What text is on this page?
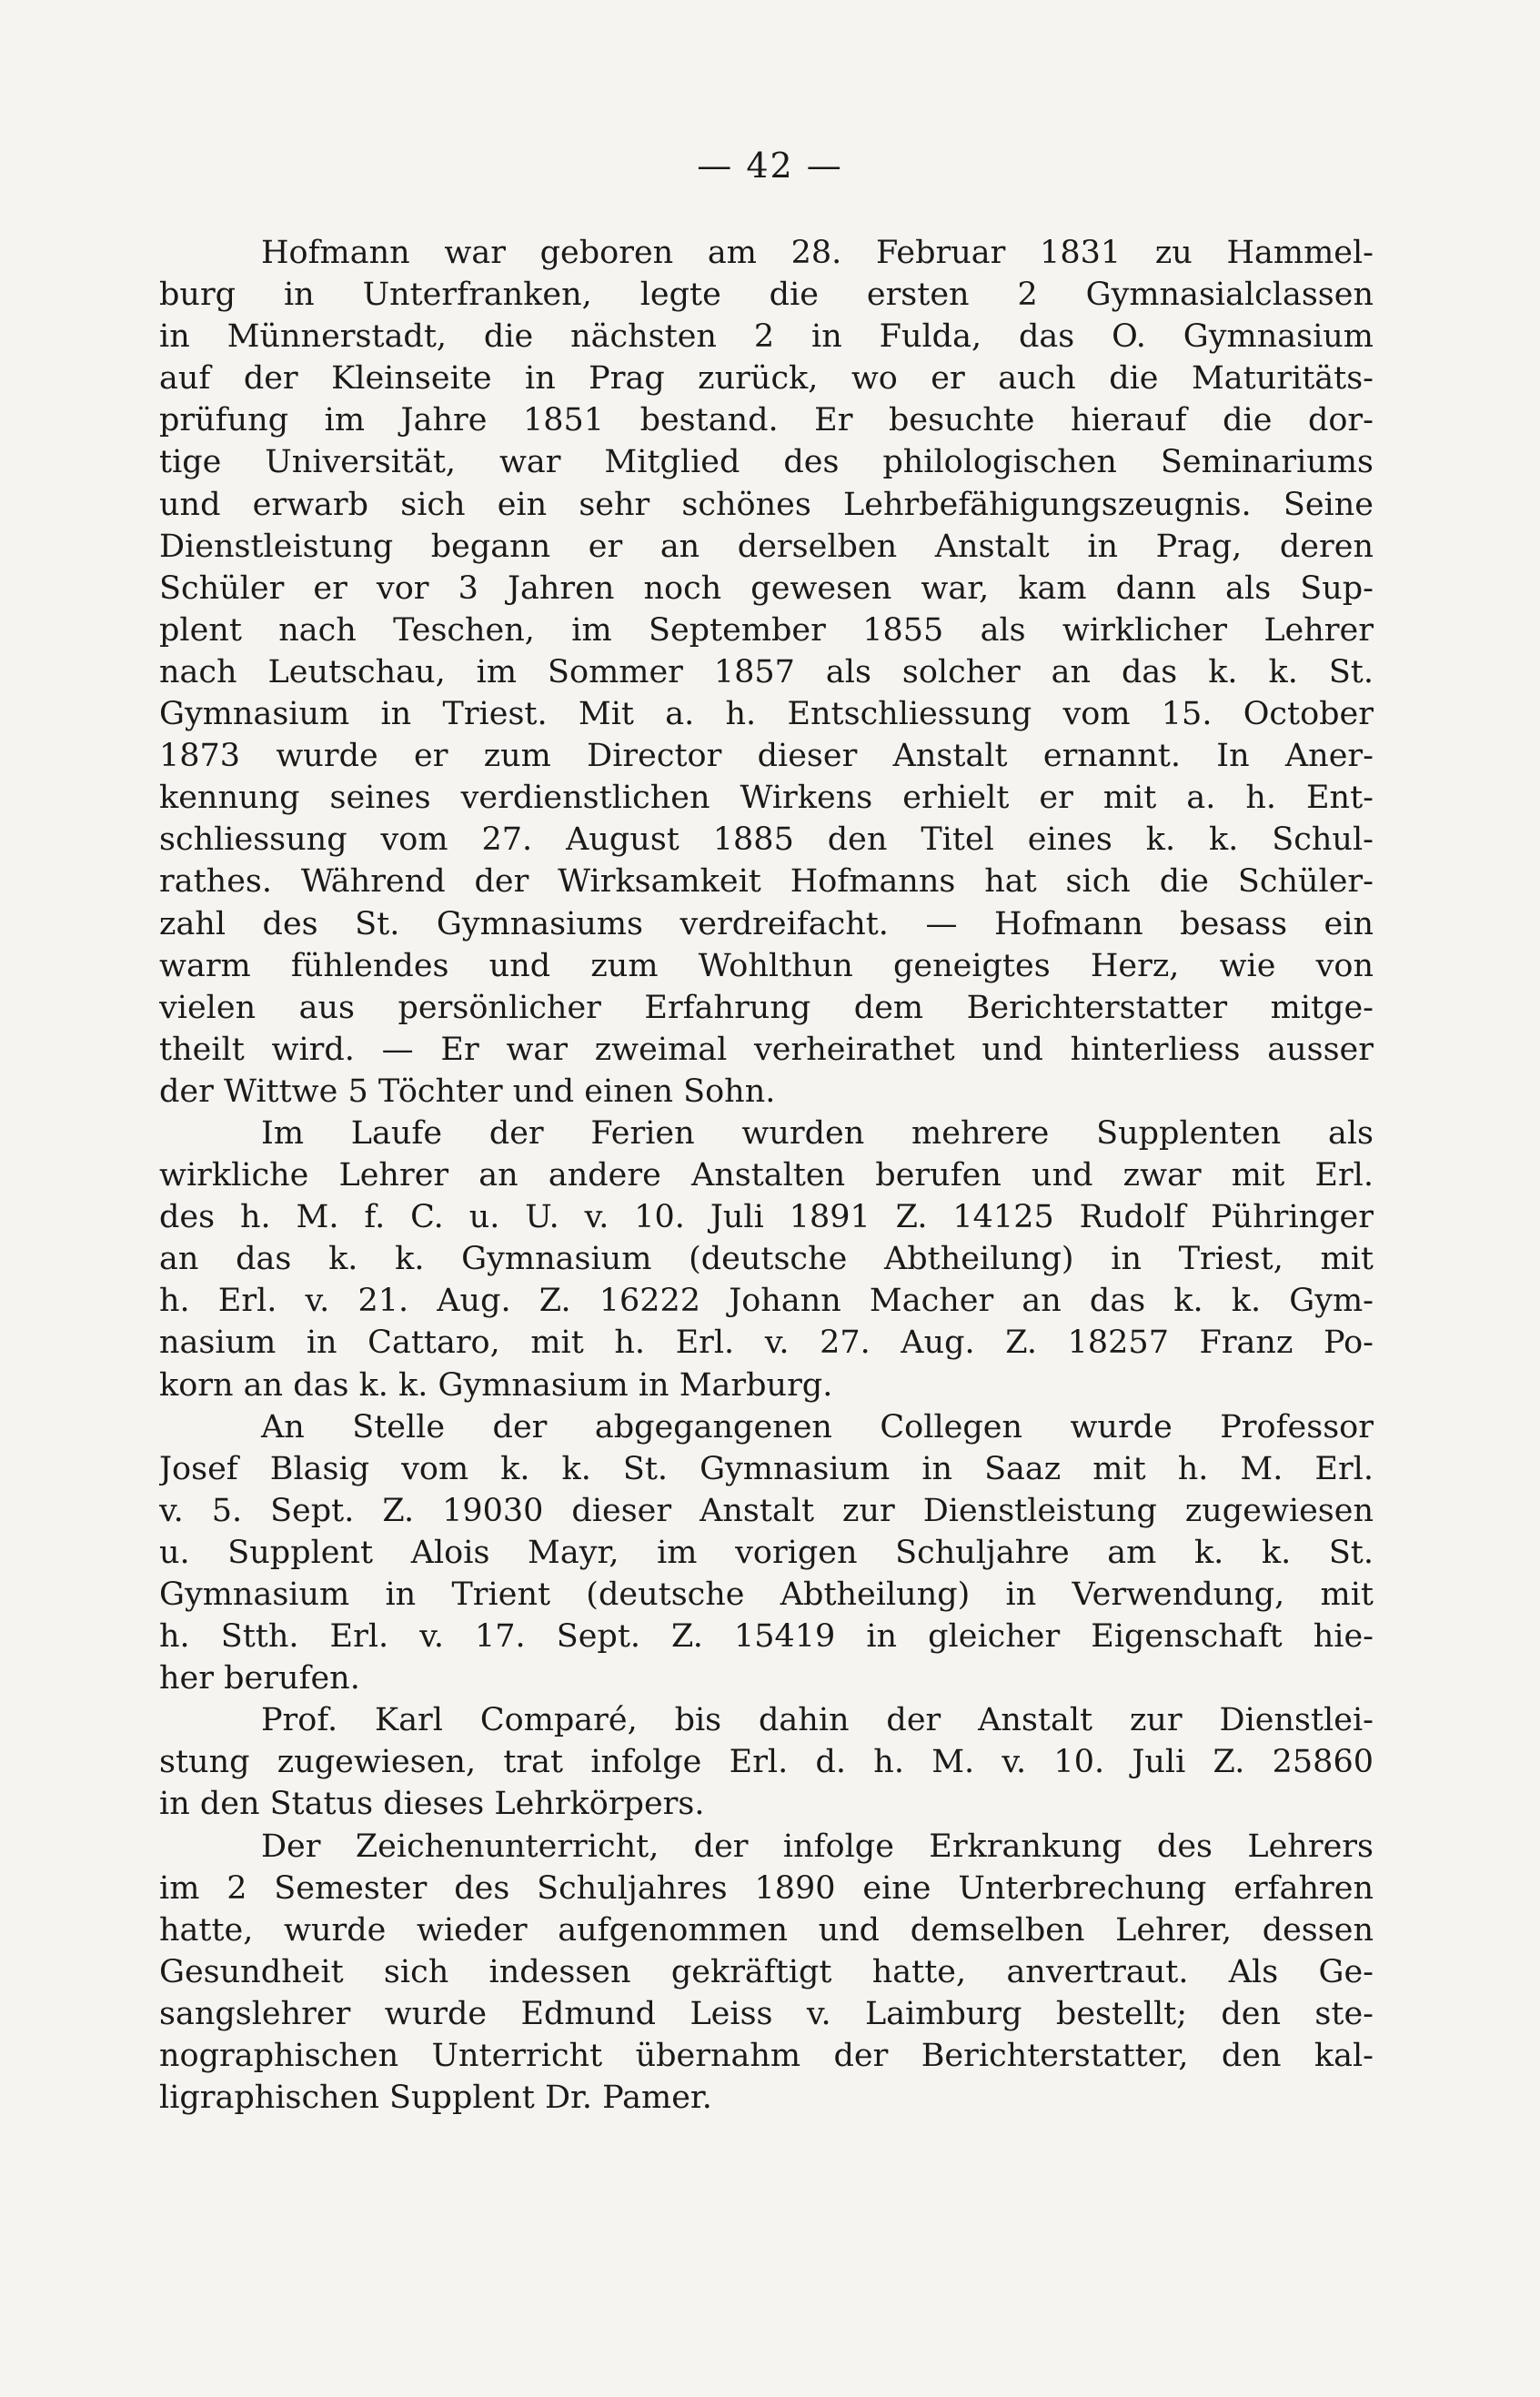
— 42 —
Hofmann war geboren am 28. Februar 1831 zu Hammel-
burg in Unterfranken, legte die ersten 2 Gymnasialclassen
in Münnerstadt, die nächsten 2 in Fulda, das O. Gymnasium
auf der Kleinseite in Prag zurück, wo er auch die Maturitäts-
prüfung im Jahre 1851 bestand. Er besuchte hierauf die dor-
tige Universität, war Mitglied des philologischen Seminariums
und erwarb sich ein sehr schönes Lehrbefähigungszeugnis. Seine
Dienstleistung begann er an derselben Anstalt in Prag, deren
Schüler er vor 3 Jahren noch gewesen war, kam dann als Sup-
plent nach Teschen, im September 1855 als wirklicher Lehrer
nach Leutschau, im Sommer 1857 als solcher an das k. k. St.
Gymnasium in Triest. Mit a. h. Entschliessung vom 15. October
1873 wurde er zum Director dieser Anstalt ernannt. In Aner-
kennung seines verdienstlichen Wirkens erhielt er mit a. h. Ent-
schliessung vom 27. August 1885 den Titel eines k. k. Schul-
rathes. Während der Wirksamkeit Hofmanns hat sich die Schüler-
zahl des St. Gymnasiums verdreifacht. — Hofmann besass ein
warm fühlendes und zum Wohlthun geneigtes Herz, wie von
vielen aus persönlicher Erfahrung dem Berichterstatter mitge-
theilt wird. — Er war zweimal verheirathet und hinterliess ausser
der Wittwe 5 Töchter und einen Sohn.
Im Laufe der Ferien wurden mehrere Supplenten als
wirkliche Lehrer an andere Anstalten berufen und zwar mit Erl.
des h. M. f. C. u. U. v. 10. Juli 1891 Z. 14125 Rudolf Pühringer
an das k. k. Gymnasium (deutsche Abtheilung) in Triest, mit
h. Erl. v. 21. Aug. Z. 16222 Johann Macher an das k. k. Gym-
nasium in Cattaro, mit h. Erl. v. 27. Aug. Z. 18257 Franz Po-
korn an das k. k. Gymnasium in Marburg.
An Stelle der abgegangenen Collegen wurde Professor
Josef Blasig vom k. k. St. Gymnasium in Saaz mit h. M. Erl.
v. 5. Sept. Z. 19030 dieser Anstalt zur Dienstleistung zugewiesen
u. Supplent Alois Mayr, im vorigen Schuljahre am k. k. St.
Gymnasium in Trient (deutsche Abtheilung) in Verwendung, mit
h. Stth. Erl. v. 17. Sept. Z. 15419 in gleicher Eigenschaft hie-
her berufen.
Prof. Karl Comparé, bis dahin der Anstalt zur Dienstlei-
stung zugewiesen, trat infolge Erl. d. h. M. v. 10. Juli Z. 25860
in den Status dieses Lehrkörpers.
Der Zeichenunterricht, der infolge Erkrankung des Lehrers
im 2 Semester des Schuljahres 1890 eine Unterbrechung erfahren
hatte, wurde wieder aufgenommen und demselben Lehrer, dessen
Gesundheit sich indessen gekräftigt hatte, anvertraut. Als Ge-
sangslehrer wurde Edmund Leiss v. Laimburg bestellt; den ste-
nographischen Unterricht übernahm der Berichterstatter, den kal-
ligraphischen Supplent Dr. Pamer.
